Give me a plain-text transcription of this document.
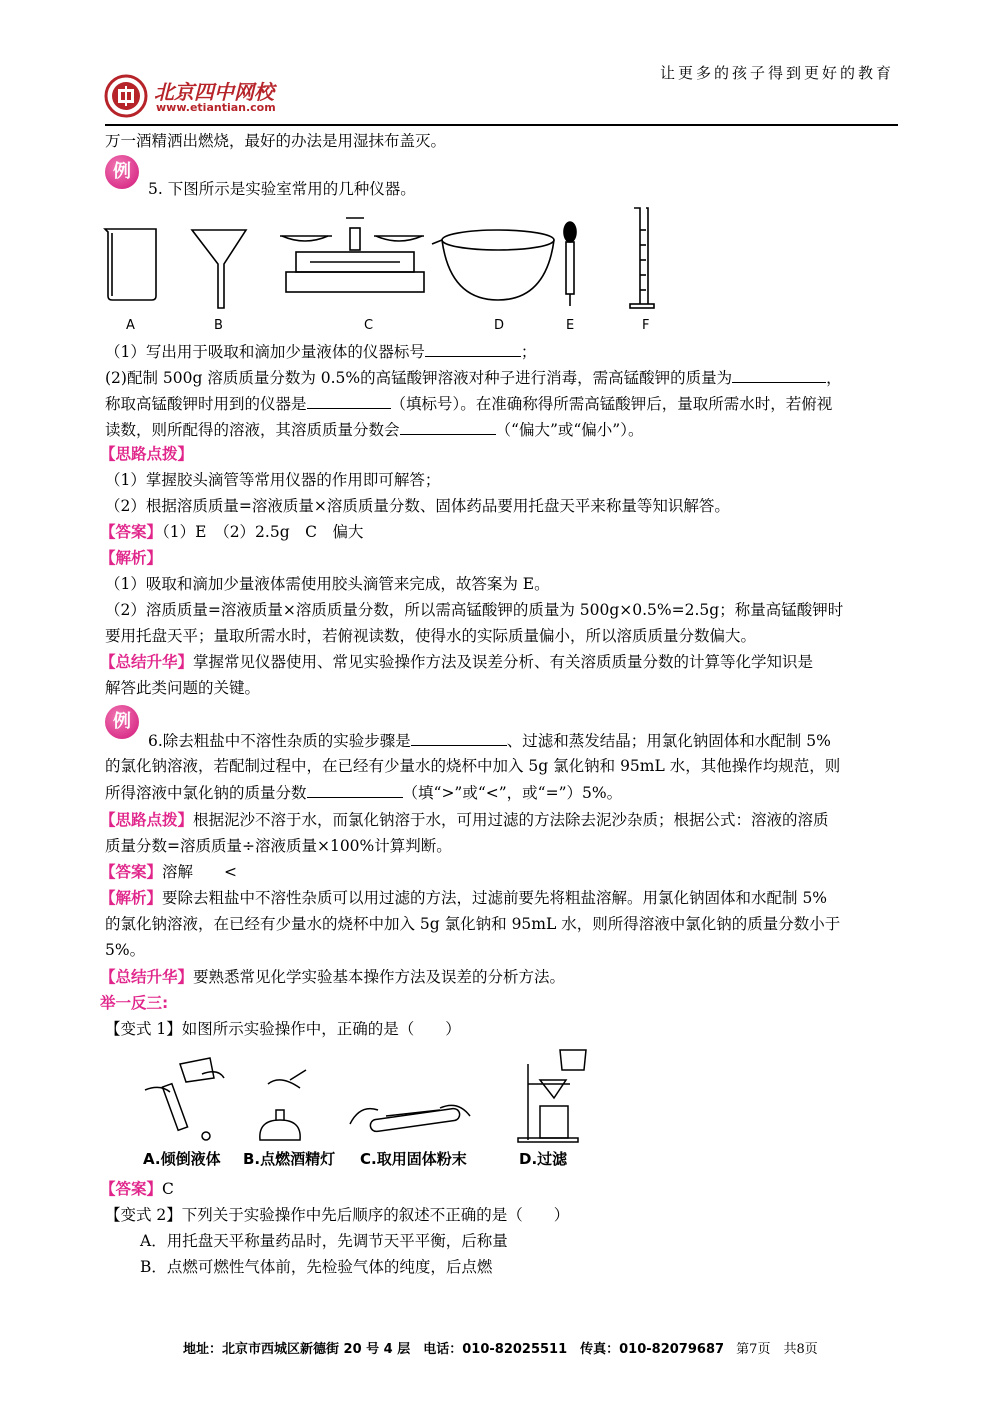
北京四中网校
www.etiantian.com
让更多的孩子得到更好的教育
万一酒精洒出燃烧，最好的办法是用湿抹布盖灭。
例
5. 下图所示是实验室常用的几种仪器。
A	B	C	D	E	F
（1）写出用于吸取和滴加少量液体的仪器标号	；
(2)配制 500g 溶质质量分数为 0.5%的高锰酸钾溶液对种子进行消毒，需高锰酸钾的质量为	，
称取高锰酸钾时用到的仪器是	（填标号）。在准确称得所需高锰酸钾后，量取所需水时，若俯视
读数，则所配得的溶液，其溶质质量分数会	（“偏大”或“偏小”）。
【思路点拨】
（1）掌握胶头滴管等常用仪器的作用即可解答；
（2）根据溶质质量=溶液质量×溶质质量分数、固体药品要用托盘天平来称量等知识解答。
【答案】（1）E　（2）2.5g　C　偏大
【解析】
（1）吸取和滴加少量液体需使用胶头滴管来完成，故答案为 E。
（2）溶质质量=溶液质量×溶质质量分数，所以需高锰酸钾的质量为 500g×0.5%=2.5g；称量高锰酸钾时
要用托盘天平；量取所需水时，若俯视读数，使得水的实际质量偏小，所以溶质质量分数偏大。
【总结升华】掌握常见仪器使用、常见实验操作方法及误差分析、有关溶质质量分数的计算等化学知识是
解答此类问题的关键。
例
6.除去粗盐中不溶性杂质的实验步骤是	、过滤和蒸发结晶；用氯化钠固体和水配制 5%
的氯化钠溶液，若配制过程中，在已经有少量水的烧杯中加入 5g 氯化钠和 95mL 水，其他操作均规范，则
所得溶液中氯化钠的质量分数	（填“>”或“<”，或“=”）5%。
【思路点拨】根据泥沙不溶于水，而氯化钠溶于水，可用过滤的方法除去泥沙杂质；根据公式：溶液的溶质
质量分数=溶质质量÷溶液质量×100%计算判断。
【答案】溶解　　<
【解析】要除去粗盐中不溶性杂质可以用过滤的方法，过滤前要先将粗盐溶解。用氯化钠固体和水配制 5%
的氯化钠溶液，在已经有少量水的烧杯中加入 5g 氯化钠和 95mL 水，则所得溶液中氯化钠的质量分数小于
5%。
【总结升华】要熟悉常见化学实验基本操作方法及误差的分析方法。
举一反三:
【变式 1】如图所示实验操作中，正确的是（　　）
A.倾倒液体 B.点燃酒精灯 C.取用固体粉末	D.过滤
【答案】C
【变式 2】下列关于实验操作中先后顺序的叙述不正确的是（　　）
A．用托盘天平称量药品时，先调节天平平衡，后称量
B．点燃可燃性气体前，先检验气体的纯度，后点燃
地址：北京市西城区新德街 20 号 4 层　电话：010-82025511　传真：010-82079687 第7页　共8页
